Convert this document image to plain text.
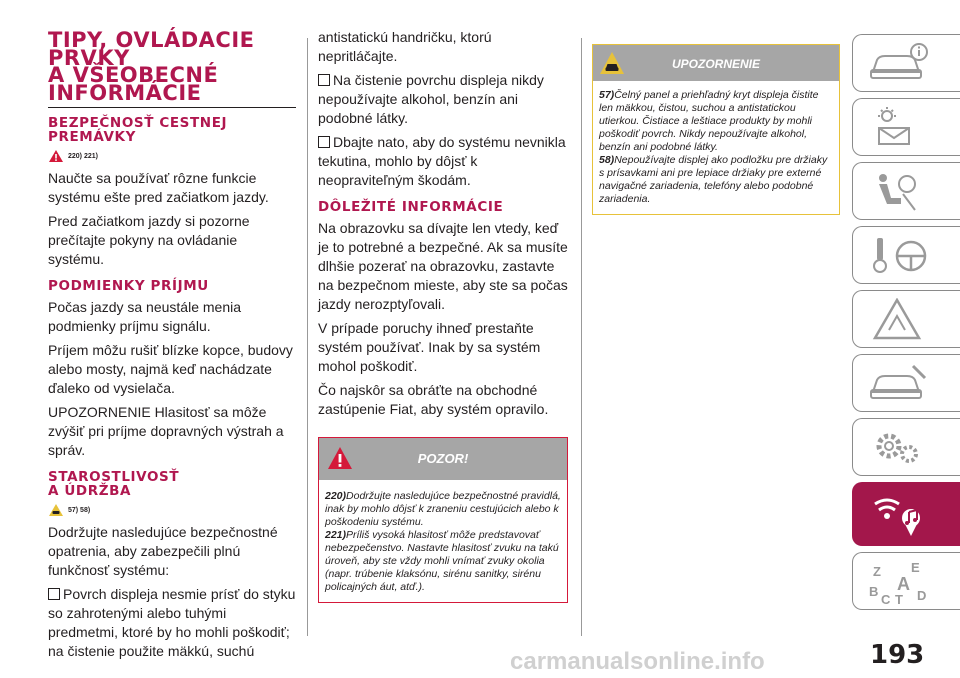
TIPY, OVLÁDACIE
PRVKY
A VŠEOBECNÉ
INFORMÁCIE
BEZPEČNOSŤ CESTNEJ
PREMÁVKY
220) 221)

Naučte sa používať rôzne funkcie systému ešte pred začiatkom jazdy.

Pred začiatkom jazdy si pozorne prečítajte pokyny na ovládanie systému.

PODMIENKY PRÍJMU

Počas jazdy sa neustále menia podmienky príjmu signálu.

Príjem môžu rušiť blízke kopce, budovy alebo mosty, najmä keď nachádzate ďaleko od vysielača.

UPOZORNENIE Hlasitosť sa môže zvýšiť pri príjme dopravných výstrah a správ.

STAROSTLIVOSŤ
A ÚDRŽBA
57) 58)

Dodržujte nasledujúce bezpečnostné opatrenia, aby zabezpečili plnú funkčnosť systému:

Povrch displeja nesmie prísť do styku so zahrotenými alebo tuhými predmetmi, ktoré by ho mohli poškodiť; na čistenie použite mäkkú, suchú

antistatickú handričku, ktorú nepritláčajte.

Na čistenie povrchu displeja nikdy nepoužívajte alkohol, benzín ani podobné látky.

Dbajte nato, aby do systému nevnikla tekutina, mohlo by dôjsť k neopraviteľným škodám.

DÔLEŽITÉ INFORMÁCIE

Na obrazovku sa dívajte len vtedy, keď je to potrebné a bezpečné. Ak sa musíte dlhšie pozerať na obrazovku, zastavte na bezpečnom mieste, aby ste sa počas jazdy nerozptyľovali.

V prípade poruchy ihneď prestaňte systém používať. Inak by sa systém mohol poškodiť.

Čo najskôr sa obráťte na obchodné zastúpenie Fiat, aby systém opravilo.

POZOR!
220)Dodržujte nasledujúce bezpečnostné pravidlá, inak by mohlo dôjsť k zraneniu cestujúcich alebo k poškodeniu systému.
221)Príliš vysoká hlasitosť môže predstavovať nebezpečenstvo. Nastavte hlasitosť zvuku na takú úroveň, aby ste vždy mohli vnímať zvuky okolia (napr. trúbenie klaksónu, sirénu sanitky, sirénu policajných áut, atď.).
UPOZORNENIE
57)Čelný panel a priehľadný kryt displeja čistite len mäkkou, čistou, suchou a antistatickou utierkou. Čistiace a leštiace produkty by mohli poškodiť povrch. Nikdy nepoužívajte alkohol, benzín ani podobné látky.
58)Nepoužívajte displej ako podložku pre držiaky s prísavkami ani pre lepiace držiaky pre externé navigačné zariadenia, telefóny alebo podobné zariadenia.
Z E
B A
C T D
carmanualsonline.info	193
